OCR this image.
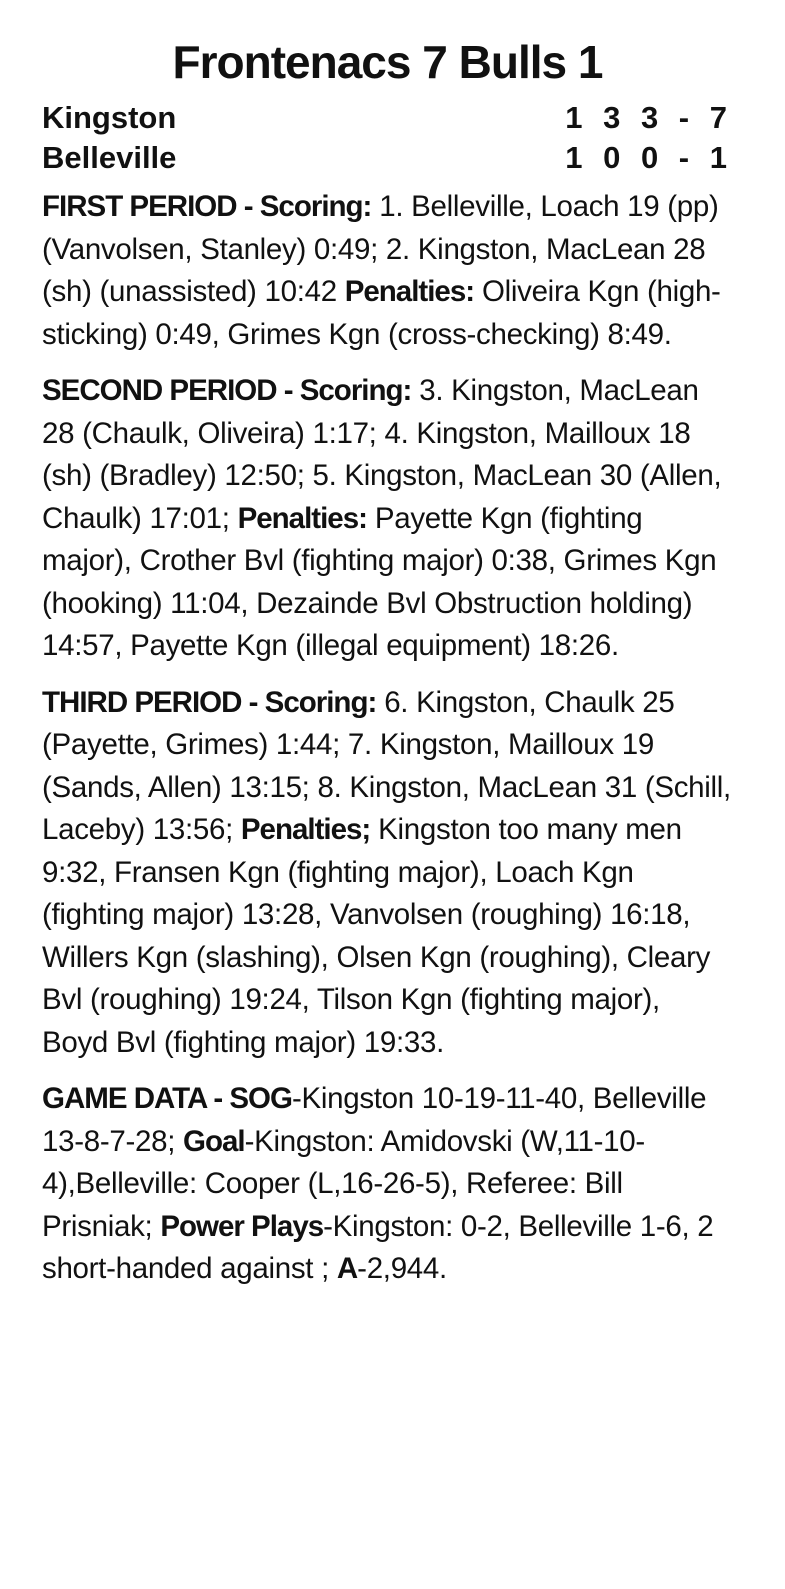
Frontenacs 7 Bulls 1
Kingston	1 3 3 - 7
Belleville	1 0 0 - 1

FIRST PERIOD - Scoring: 1. Belleville, Loach 19 (pp) (Vanvolsen, Stanley) 0:49; 2. Kingston, MacLean 28 (sh) (unassisted) 10:42 Penalties: Oliveira Kgn (high-sticking) 0:49, Grimes Kgn (cross-checking) 8:49.

SECOND PERIOD - Scoring: 3. Kingston, MacLean 28 (Chaulk, Oliveira) 1:17; 4. Kingston, Mailloux 18 (sh) (Bradley) 12:50; 5. Kingston, MacLean 30 (Allen, Chaulk) 17:01; Penalties: Payette Kgn (fighting major), Crother Bvl (fighting major) 0:38, Grimes Kgn (hooking) 11:04, Dezainde Bvl Obstruction holding) 14:57, Payette Kgn (illegal equipment) 18:26.

THIRD PERIOD - Scoring: 6. Kingston, Chaulk 25 (Payette, Grimes) 1:44; 7. Kingston, Mailloux 19 (Sands, Allen) 13:15; 8. Kingston, MacLean 31 (Schill, Laceby) 13:56; Penalties; Kingston too many men 9:32, Fransen Kgn (fighting major), Loach Kgn (fighting major) 13:28, Vanvolsen (roughing) 16:18, Willers Kgn (slashing), Olsen Kgn (roughing), Cleary Bvl (roughing) 19:24, Tilson Kgn (fighting major), Boyd Bvl (fighting major) 19:33.

GAME DATA - SOG-Kingston 10-19-11-40, Belleville 13-8-7-28; Goal-Kingston: Amidovski (W,11-10-4),Belleville: Cooper (L,16-26-5), Referee: Bill Prisniak; Power Plays-Kingston: 0-2, Belleville 1-6, 2 short-handed against ; A-2,944.
